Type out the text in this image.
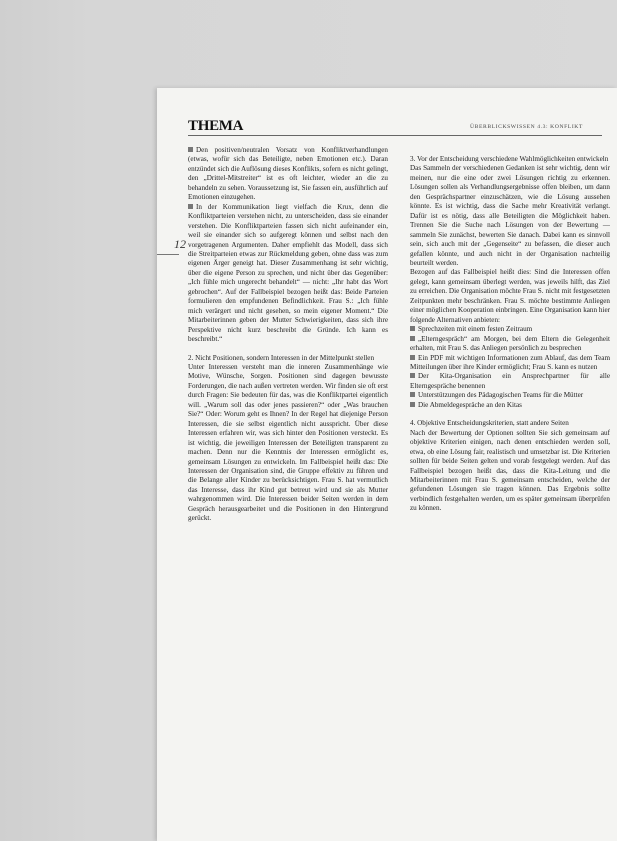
THEMA	ÜBERBLICKSWISSEN 4.3: KONFLIKT
12

Den positiven/neutralen Vorsatz von Konfliktverhandlungen (etwas, wofür sich das Beteiligte, neben Emotionen etc.). Daran entzündet sich die Auflösung dieses Konflikts, sofern es nicht gelingt, den „Drittel-Mitstreiter“ ist es oft leichter, wieder an die zu behandeln zu sehen. Voraussetzung ist, Sie fassen ein, ausführlich auf Emotionen einzugehen.

In der Kommunikation liegt vielfach die Krux, denn die Konfliktparteien verstehen nicht, zu unterscheiden, dass sie einander verstehen. Die Konfliktparteien fassen sich nicht aufeinander ein, weil sie einander sich so aufgeregt können und selbst nach den vorgetragenen Argumenten. Daher empfiehlt das Modell, dass sich die Streitparteien etwas zur Rückmeldung geben, ohne dass was zum eigenen Ärger geneigt hat. Dieser Zusammenhang ist sehr wichtig, über die eigene Person zu sprechen, und nicht über das Gegenüber: „Ich fühle mich ungerecht behandelt“ — nicht: „Ihr habt das Wort gebrochen“. Auf der Fallbeispiel bezogen heißt das: Beide Parteien formulieren den empfundenen Befindlichkeit. Frau S.: „Ich fühle mich verärgert und nicht gesehen, so mein eigener Moment.“ Die Mitarbeiterinnen geben der Mutter Schwierigkeiten, dass sich ihre Perspektive nicht kurz beschreibt die Gründe. Ich kann es beschreibt.“

2. Nicht Positionen, sondern Interessen in der Mittelpunkt stellen

Unter Interessen versteht man die inneren Zusammenhänge wie Motive, Wünsche, Sorgen. Positionen sind dagegen bewusste Forderungen, die nach außen vertreten werden. Wir finden sie oft erst durch Fragen: Sie bedeuten für das, was die Konfliktpartei eigentlich will. „Warum soll das oder jenes passieren?“ oder „Was brauchen Sie?“ Oder: Worum geht es Ihnen? In der Regel hat diejenige Person Interessen, die sie selbst eigentlich nicht ausspricht. Über diese Interessen erfahren wir, was sich hinter den Positionen versteckt. Es ist wichtig, die jeweiligen Interessen der Beteiligten transparent zu machen. Denn nur die Kenntnis der Interessen ermöglicht es, gemeinsam Lösungen zu entwickeln. Im Fallbeispiel heißt das: Die Interessen der Organisation sind, die Gruppe effektiv zu führen und die Belange aller Kinder zu berücksichtigen. Frau S. hat vermutlich das Interesse, dass ihr Kind gut betreut wird und sie als Mutter wahrgenommen wird. Die Interessen beider Seiten werden in dem Gespräch herausgearbeitet und die Positionen in den Hintergrund gerückt.

3. Vor der Entscheidung verschiedene Wahlmöglichkeiten entwickeln

Das Sammeln der verschiedenen Gedanken ist sehr wichtig, denn wir meinen, nur die eine oder zwei Lösungen richtig zu erkennen. Lösungen sollen als Verhandlungsergebnisse offen bleiben, um dann den Gesprächspartner einzuschätzen, wie die Lösung aussehen könnte. Es ist wichtig, dass die Sache mehr Kreativität verlangt. Dafür ist es nötig, dass alle Beteiligten die Möglichkeit haben. Trennen Sie die Suche nach Lösungen von der Bewertung — sammeln Sie zunächst, bewerten Sie danach. Dabei kann es sinnvoll sein, sich auch mit der „Gegenseite“ zu befassen, die dieser auch gefallen könnte, und auch nicht in der Organisation nachteilig beurteilt werden.

Bezogen auf das Fallbeispiel heißt dies: Sind die Interessen offen gelegt, kann gemeinsam überlegt werden, was jeweils hilft, das Ziel zu erreichen. Die Organisation möchte Frau S. nicht mit festgesetzten Zeitpunkten mehr beschränken. Frau S. möchte bestimmte Anliegen einer möglichen Kooperation einbringen. Eine Organisation kann hier folgende Alternativen anbieten:

Sprechzeiten mit einem festen Zeitraum

„Elterngespräch“ am Morgen, bei dem Eltern die Gelegenheit erhalten, mit Frau S. das Anliegen persönlich zu besprechen

Ein PDF mit wichtigen Informationen zum Ablauf, das dem Team Mitteilungen über ihre Kinder ermöglicht; Frau S. kann es nutzen

Der Kita-Organisation ein Ansprechpartner für alle Elterngespräche benennen

Unterstützungen des Pädagogischen Teams für die Mütter

Die Abmeldegespräche an den Kitas

4. Objektive Entscheidungskriterien, statt andere Seiten

Nach der Bewertung der Optionen sollten Sie sich gemeinsam auf objektive Kriterien einigen, nach denen entschieden werden soll, etwa, ob eine Lösung fair, realistisch und umsetzbar ist. Die Kriterien sollten für beide Seiten gelten und vorab festgelegt werden. Auf das Fallbeispiel bezogen heißt das, dass die Kita-Leitung und die Mitarbeiterinnen mit Frau S. gemeinsam entscheiden, welche der gefundenen Lösungen sie tragen können. Das Ergebnis sollte verbindlich festgehalten werden, um es später gemeinsam überprüfen zu können.
